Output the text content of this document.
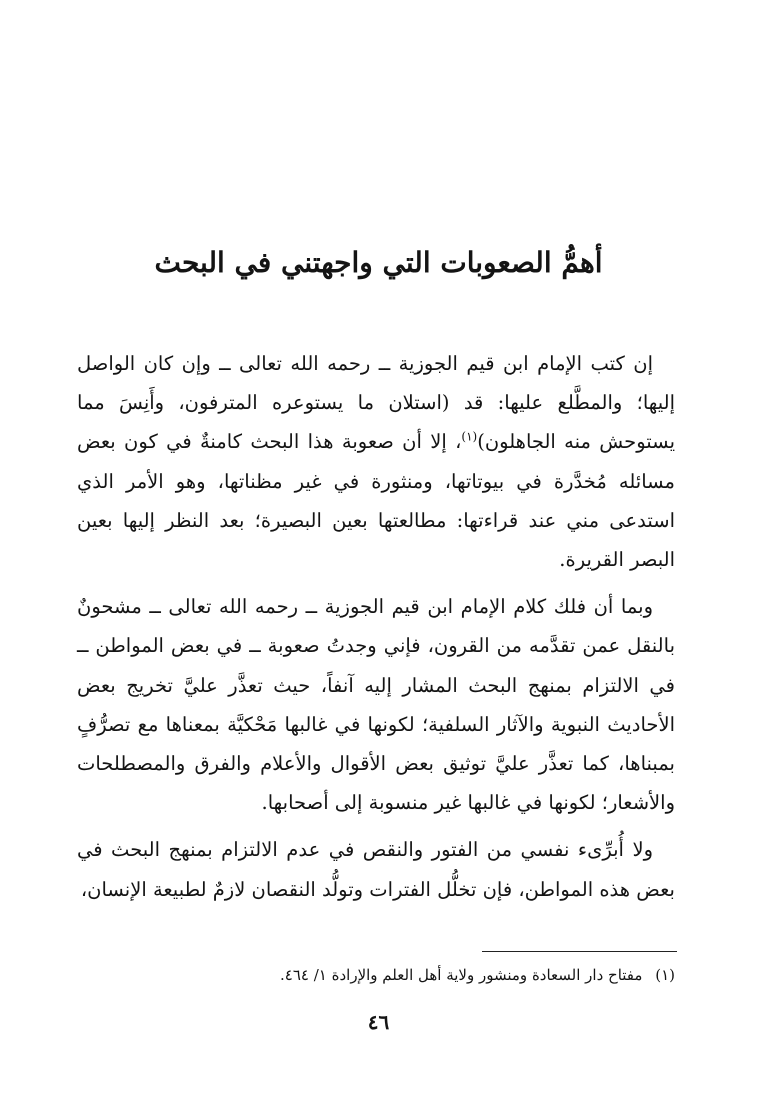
أهمُّ الصعوبات التي واجهتني في البحث

إن كتب الإمام ابن قيم الجوزية ــ رحمه الله تعالى ــ وإن كان الواصل إليها؛ والمطَّلع عليها: قد (استلان ما يستوعره المترفون، وأَنِسَ مما يستوحش منه الجاهلون)$^{(١)}$، إلا أن صعوبة هذا البحث كامنةٌ في كون بعض مسائله مُخدَّرة في بيوتاتها، ومنثورة في غير مظناتها، وهو الأمر الذي استدعى مني عند قراءتها: مطالعتها بعين البصيرة؛ بعد النظر إليها بعين البصر القريرة.

وبما أن فلك كلام الإمام ابن قيم الجوزية ــ رحمه الله تعالى ــ مشحونٌ بالنقل عمن تقدَّمه من القرون، فإني وجدتُ صعوبة ــ في بعض المواطن ــ في الالتزام بمنهج البحث المشار إليه آنفاً، حيث تعذَّر عليَّ تخريج بعض الأحاديث النبوية والآثار السلفية؛ لكونها في غالبها مَحْكيَّة بمعناها مع تصرُّفٍ بمبناها، كما تعذَّر عليَّ توثيق بعض الأقوال والأعلام والفرق والمصطلحات والأشعار؛ لكونها في غالبها غير منسوبة إلى أصحابها.

ولا أُبرِّىء نفسي من الفتور والنقص في عدم الالتزام بمنهج البحث في بعض هذه المواطن، فإن تخلُّل الفترات وتولُّد النقصان لازمٌ لطبيعة الإنسان،

(١) مفتاح دار السعادة ومنشور ولاية أهل العلم والإرادة ١/ ٤٦٤.
٤٦
